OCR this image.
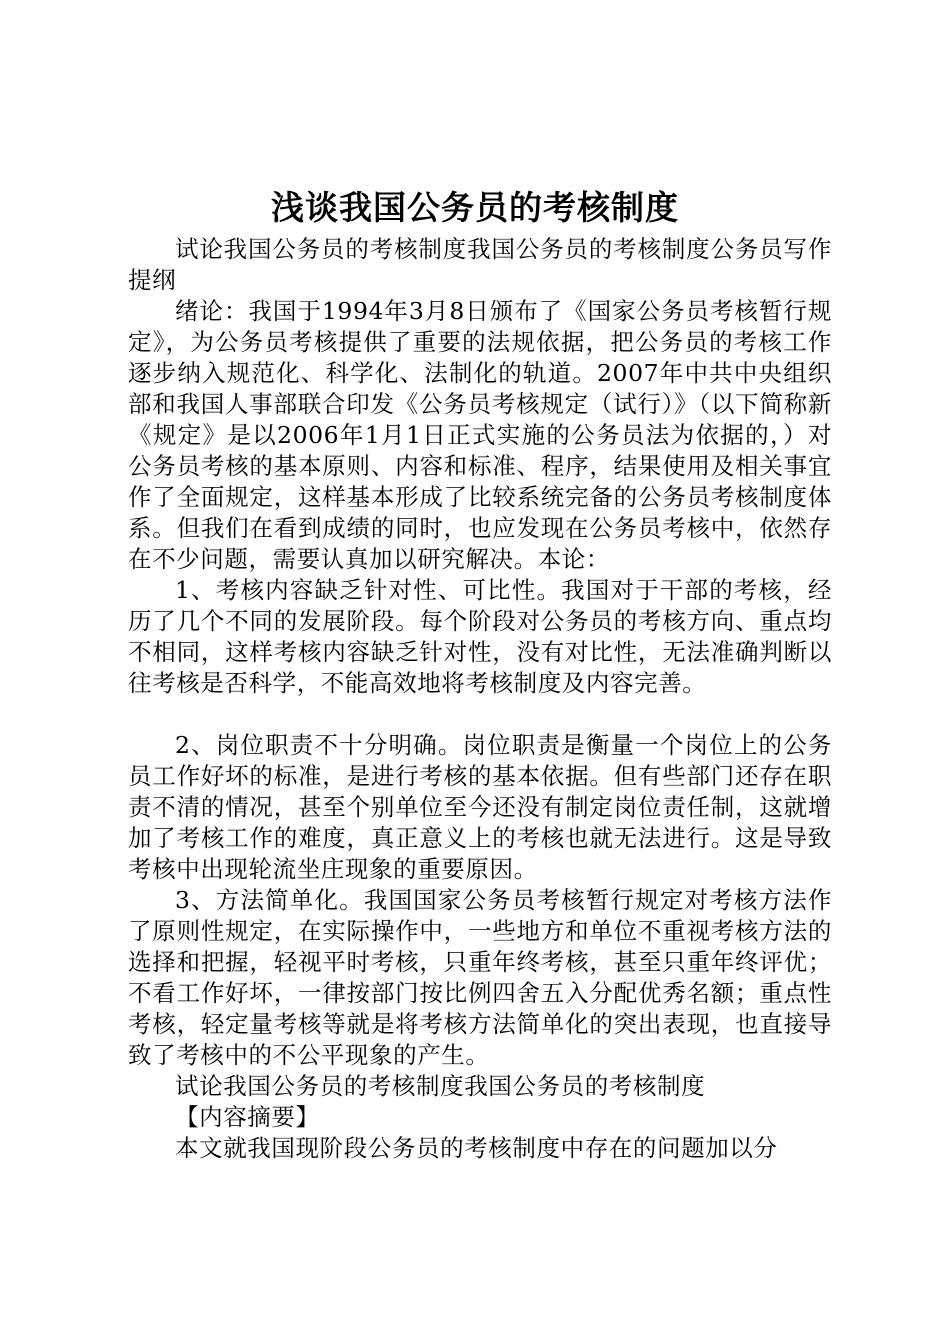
浅谈我国公务员的考核制度

试论我国公务员的考核制度我国公务员的考核制度公务员写作提纲

绪论：我国于1994年3月8日颁布了《国家公务员考核暂行规定》，为公务员考核提供了重要的法规依据，把公务员的考核工作逐步纳入规范化、科学化、法制化的轨道。2007年中共中央组织部和我国人事部联合印发《公务员考核规定（试行）》（以下简称新《规定》是以2006年1月1日正式实施的公务员法为依据的，）对公务员考核的基本原则、内容和标准、程序，结果使用及相关事宜作了全面规定，这样基本形成了比较系统完备的公务员考核制度体系。但我们在看到成绩的同时，也应发现在公务员考核中，依然存在不少问题，需要认真加以研究解决。本论：

1、考核内容缺乏针对性、可比性。我国对于干部的考核，经历了几个不同的发展阶段。每个阶段对公务员的考核方向、重点均不相同，这样考核内容缺乏针对性，没有对比性，无法准确判断以往考核是否科学，不能高效地将考核制度及内容完善。

2、岗位职责不十分明确。岗位职责是衡量一个岗位上的公务员工作好坏的标准，是进行考核的基本依据。但有些部门还存在职责不清的情况，甚至个别单位至今还没有制定岗位责任制，这就增加了考核工作的难度，真正意义上的考核也就无法进行。这是导致考核中出现轮流坐庄现象的重要原因。

3、方法简单化。我国国家公务员考核暂行规定对考核方法作了原则性规定，在实际操作中，一些地方和单位不重视考核方法的选择和把握，轻视平时考核，只重年终考核，甚至只重年终评优；不看工作好坏，一律按部门按比例四舍五入分配优秀名额；重点性考核，轻定量考核等就是将考核方法简单化的突出表现，也直接导致了考核中的不公平现象的产生。

试论我国公务员的考核制度我国公务员的考核制度

【内容摘要】

本文就我国现阶段公务员的考核制度中存在的问题加以分
